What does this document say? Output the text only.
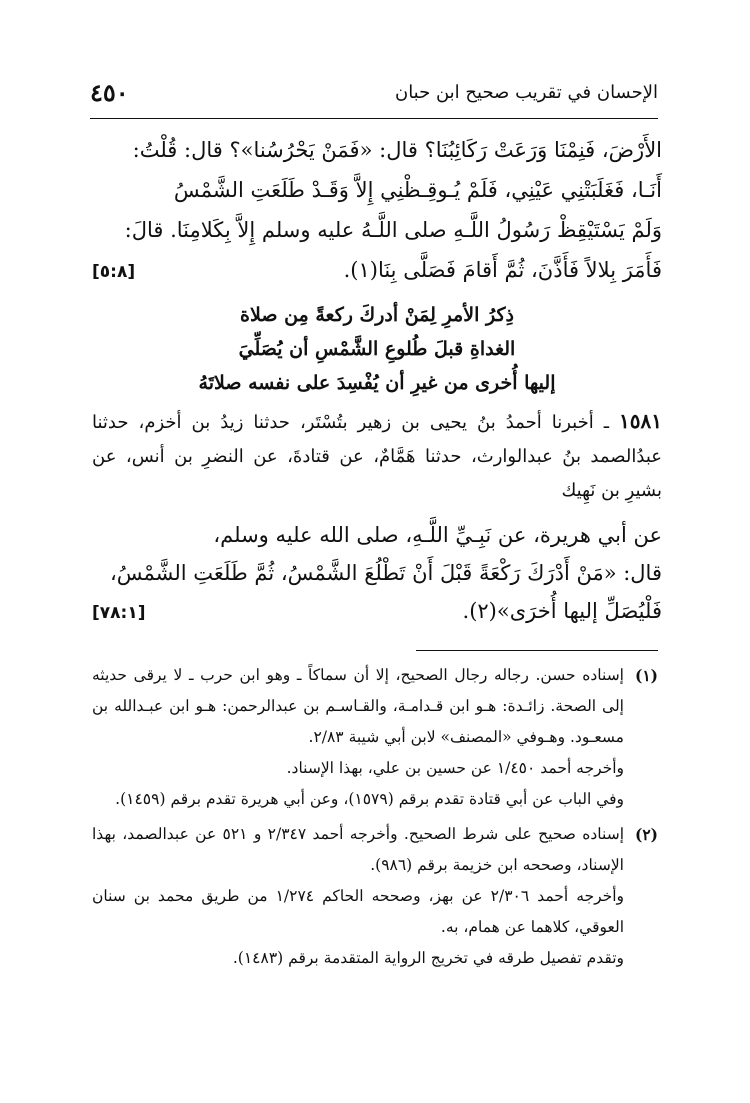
٤٥٠	الإحسان في تقريب صحيح ابن حبان

الأَرْضَ، فَنِمْنَا وَرَعَتْ رَكَائِبُنَا؟ قال: «فَمَنْ يَحْرُسُنا»؟ قال: قُلْتُ:

أَنَـا، فَغَلَبَتْنِي عَيْنِي، فَلَمْ يُـوقِـظْنِي إِلاَّ وَقَـدْ طَلَعَتِ الشَّمْسُ

وَلَمْ يَسْتَيْقِظْ رَسُولُ اللَّـهِ صلى اللَّـهُ عليه وسلم إِلاَّ بِكَلامِنَا. قالَ:

فَأَمَرَ بِلالاً فَأَذَّنَ، ثُمَّ أَقامَ فَصَلَّى بِنَا(١).
[٥:٨]
ذِكرُ الأمرِ لِمَنْ أدركَ ركعةً مِن صلاة
الغداةِ قبلَ طُلوعِ الشَّمْسِ أن يُصَلِّيَ
إليها أُخرى من غيرِ أن يُفْسِدَ على نفسه صلاتَهُ

١٥٨١ ـ أخبرنا أحمدُ بنُ يحيى بن زهير بتُسْتَر، حدثنا زيدُ بن أخزم، حدثنا عبدُالصمد بنُ عبدالوارث، حدثنا هَمَّامٌ، عن قتادةَ، عن النضرِ بن أنس، عن بشيرِ بن نَهِيك

عن أبي هريرة، عن نَبِـيِّ اللَّـهِ، صلى الله عليه وسلم،
قال: «مَنْ أَدْرَكَ رَكْعَةً قَبْلَ أَنْ تَطْلُعَ الشَّمْسُ، ثُمَّ طَلَعَتِ الشَّمْسُ،
فَلْيُصَلِّ إليها أُخرَى»(٢).
[٧٨:١]
(١)

إسناده حسن. رجاله رجال الصحيح، إلا أن سماكاً ـ وهو ابن حرب ـ لا يرقى حديثه إلى الصحة. زائـدة: هـو ابن قـدامـة، والقـاسـم بن عبدالرحمن: هـو ابن عبـدالله بن مسعـود. وهـوفي «المصنف» لابن أبي شيبة ٢/٨٣.

وأخرجه أحمد ١/٤٥٠ عن حسين بن علي، بهذا الإسناد.

وفي الباب عن أبي قتادة تقدم برقم (١٥٧٩)، وعن أبي هريرة تقدم برقم (١٤٥٩).

(٢)

إسناده صحيح على شرط الصحيح. وأخرجه أحمد ٢/٣٤٧ و ٥٢١ عن عبدالصمد، بهذا الإسناد، وصححه ابن خزيمة برقم (٩٨٦).

وأخرجه أحمد ٢/٣٠٦ عن بهز، وصححه الحاكم ١/٢٧٤ من طريق محمد بن سنان العوقي، كلاهما عن همام، به.

وتقدم تفصيل طرقه في تخريج الرواية المتقدمة برقم (١٤٨٣).
